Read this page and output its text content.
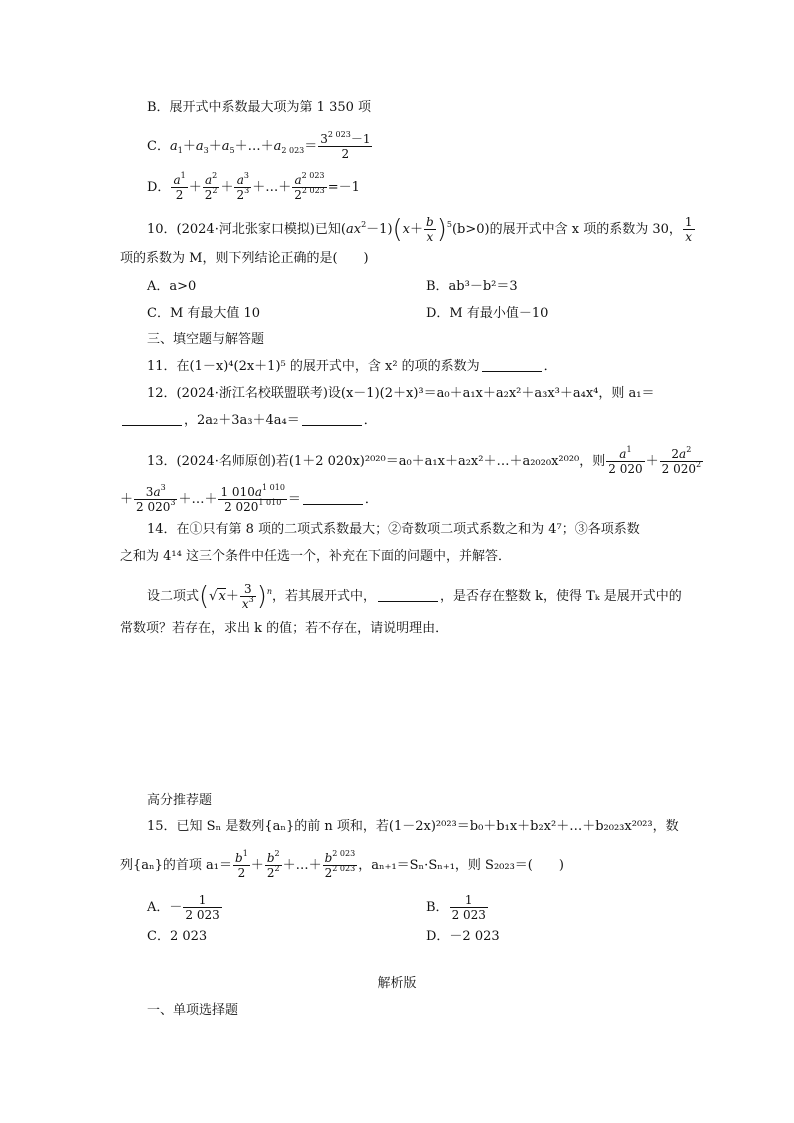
B．展开式中系数最大项为第 1 350 项
C．$a_1+a_3+a_5+\dots+a_{2 023}= \frac{3^{2 023}-1}{2}$
D． $\frac{a^1}{2} + \frac{a^2}{2^2} + \frac{a^3}{2^3}$ ＋…＋ $\frac{a^{2 023}}{2^{2 023}} =-1$
10．(2024·河北张家口模拟)已知$(ax^2-1)(x+ \frac{b}{x} )^5(b>0)$的展开式中含 x 项的系数为 30， $\frac{1}{x}$
项的系数为 M，则下列结论正确的是(　　)
A．a>0	B．ab³－b²＝3
C．M 有最大值 10	D．M 有最小值－10
三、填空题与解答题
11．在(1－x)⁴(2x＋1)⁵ 的展开式中，含 x² 的项的系数为	．
12．(2024·浙江名校联盟联考)设(x－1)(2＋x)³＝a₀＋a₁x＋a₂x²＋a₃x³＋a₄x⁴，则 a₁＝
，2a₂＋3a₃＋4a₄＝	．
13．(2024·名师原创)若(1＋2 020x)²⁰²⁰＝a₀＋a₁x＋a₂x²＋…＋a₂₀₂₀x²⁰²⁰，则 $\frac{a^1}{2 020} + \frac{2a^2}{2 020^2}$
＋ $\frac{3a^3}{2 020^3}$ ＋…＋ $\frac{1 010a^{1 010}}{2 020^{1 010}}$ ＝	．
14．在①只有第 8 项的二项式系数最大；②奇数项二项式系数之和为 4⁷；③各项系数
之和为 4¹⁴ 这三个条件中任选一个，补充在下面的问题中，并解答．
设二项式$(√x+ \frac{3}{x^3} )^n$，若其展开式中，	，是否存在整数 k，使得 Tₖ 是展开式中的
常数项？若存在，求出 k 的值；若不存在，请说明理由．
高分推荐题
15．已知 Sₙ 是数列{aₙ}的前 n 项和，若(1－2x)²⁰²³＝b₀＋b₁x＋b₂x²＋…＋b₂₀₂₃x²⁰²³，数
列{aₙ}的首项 $a_1= \frac{b^1}{2} + \frac{b^2}{2^2}$ ＋…＋ $\frac{b^{2 023}}{2^{2 023}}$ ，aₙ₊₁＝Sₙ·Sₙ₊₁，则 S₂₀₂₃＝(　　)
A．－ $\frac{1}{2 023}$	B． $\frac{1}{2 023}$
C．2 023	D．－2 023
解析版
一、单项选择题
